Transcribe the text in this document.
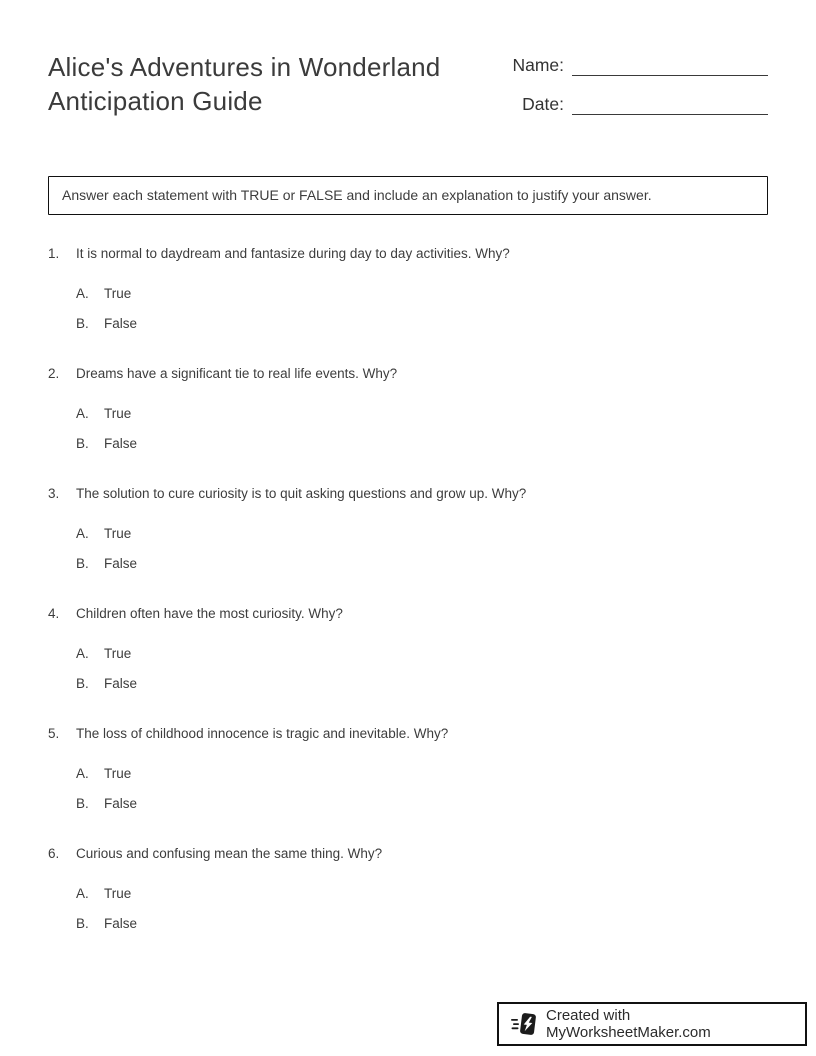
Alice's Adventures in Wonderland
Anticipation Guide
Name:
Date:
Answer each statement with TRUE or FALSE and include an explanation to justify your answer.
1.	It is normal to daydream and fantasize during day to day activities. Why?
A.	True
B.	False
2.	Dreams have a significant tie to real life events. Why?
A.	True
B.	False
3.	The solution to cure curiosity is to quit asking questions and grow up. Why?
A.	True
B.	False
4.	Children often have the most curiosity. Why?
A.	True
B.	False
5.	The loss of childhood innocence is tragic and inevitable. Why?
A.	True
B.	False
6.	Curious and confusing mean the same thing. Why?
A.	True
B.	False
Created with MyWorksheetMaker.com
